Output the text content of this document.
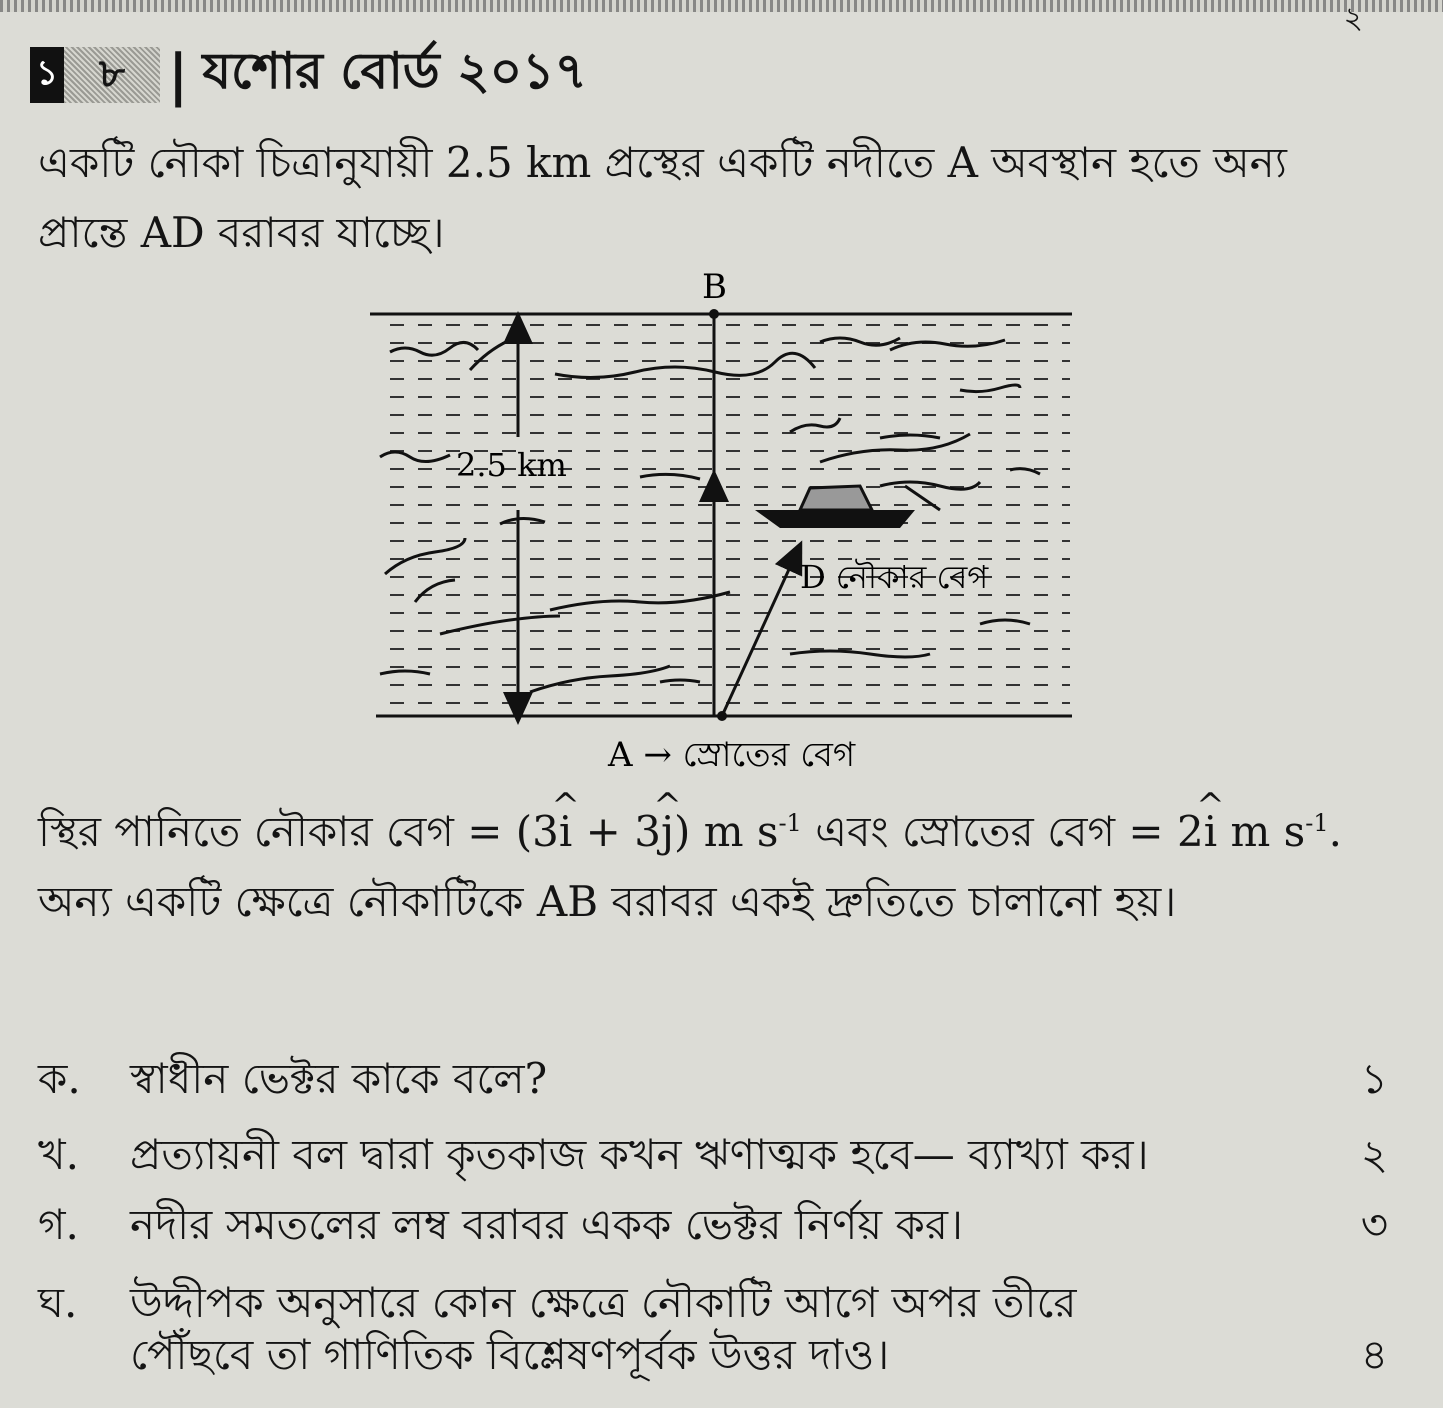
২
১	৮ | যশোর বোর্ড ২০১৭
একটি নৌকা চিত্রানুযায়ী 2.5 km প্রস্থের একটি নদীতে A অবস্থান হতে অন্য প্রান্তে AD বরাবর যাচ্ছে।
B
2.5 km
D নৌকার বেগ
A → স্রোতের বেগ
স্থির পানিতে নৌকার বেগ = (3^ i + 3^ j) m $s^{-1}$ এবং স্রোতের বেগ = 2^ i m $s^{-1}$. অন্য একটি ক্ষেত্রে নৌকাটিকে AB বরাবর একই দ্রুতিতে চালানো হয়।
ক. স্বাধীন ভেক্টর কাকে বলে?	১
খ. প্রত্যায়নী বল দ্বারা কৃতকাজ কখন ঋণাত্মক হবে— ব্যাখ্যা কর।	২
গ. নদীর সমতলের লম্ব বরাবর একক ভেক্টর নির্ণয় কর।	৩
ঘ. উদ্দীপক অনুসারে কোন ক্ষেত্রে নৌকাটি আগে অপর তীরে
পৌঁছবে তা গাণিতিক বিশ্লেষণপূর্বক উত্তর দাও।	৪
